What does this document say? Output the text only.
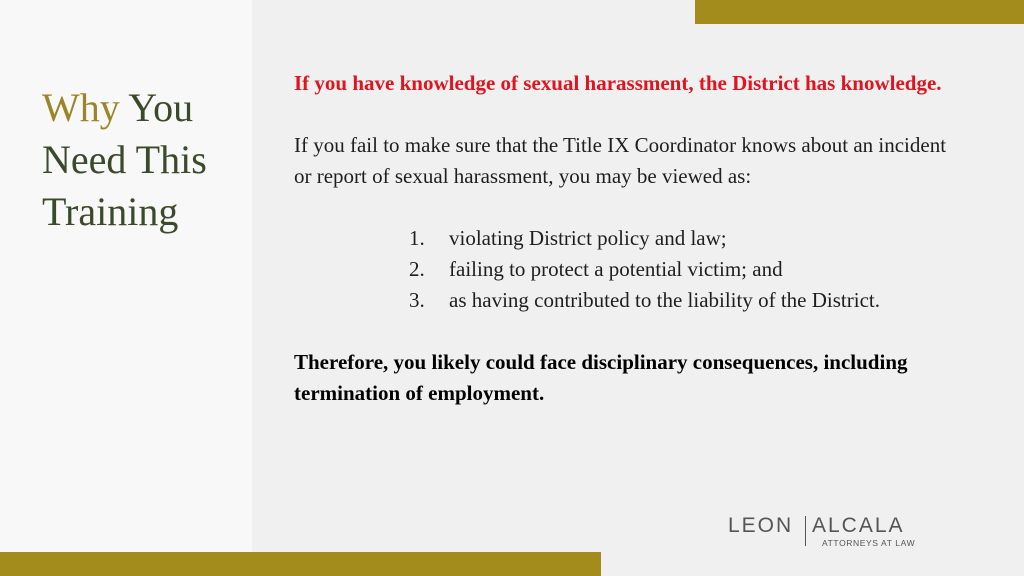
Why You
Need This
Training

If you have knowledge of sexual harassment, the District has knowledge.

If you fail to make sure that the Title IX Coordinator knows about an incident or report of sexual harassment, you may be viewed as:

1.	violating District policy and law;
2.	failing to protect a potential victim; and
3.	as having contributed to the liability of the District.

Therefore, you likely could face disciplinary consequences, including termination of employment.

LEON ALCALA
ATTORNEYS AT LAW
